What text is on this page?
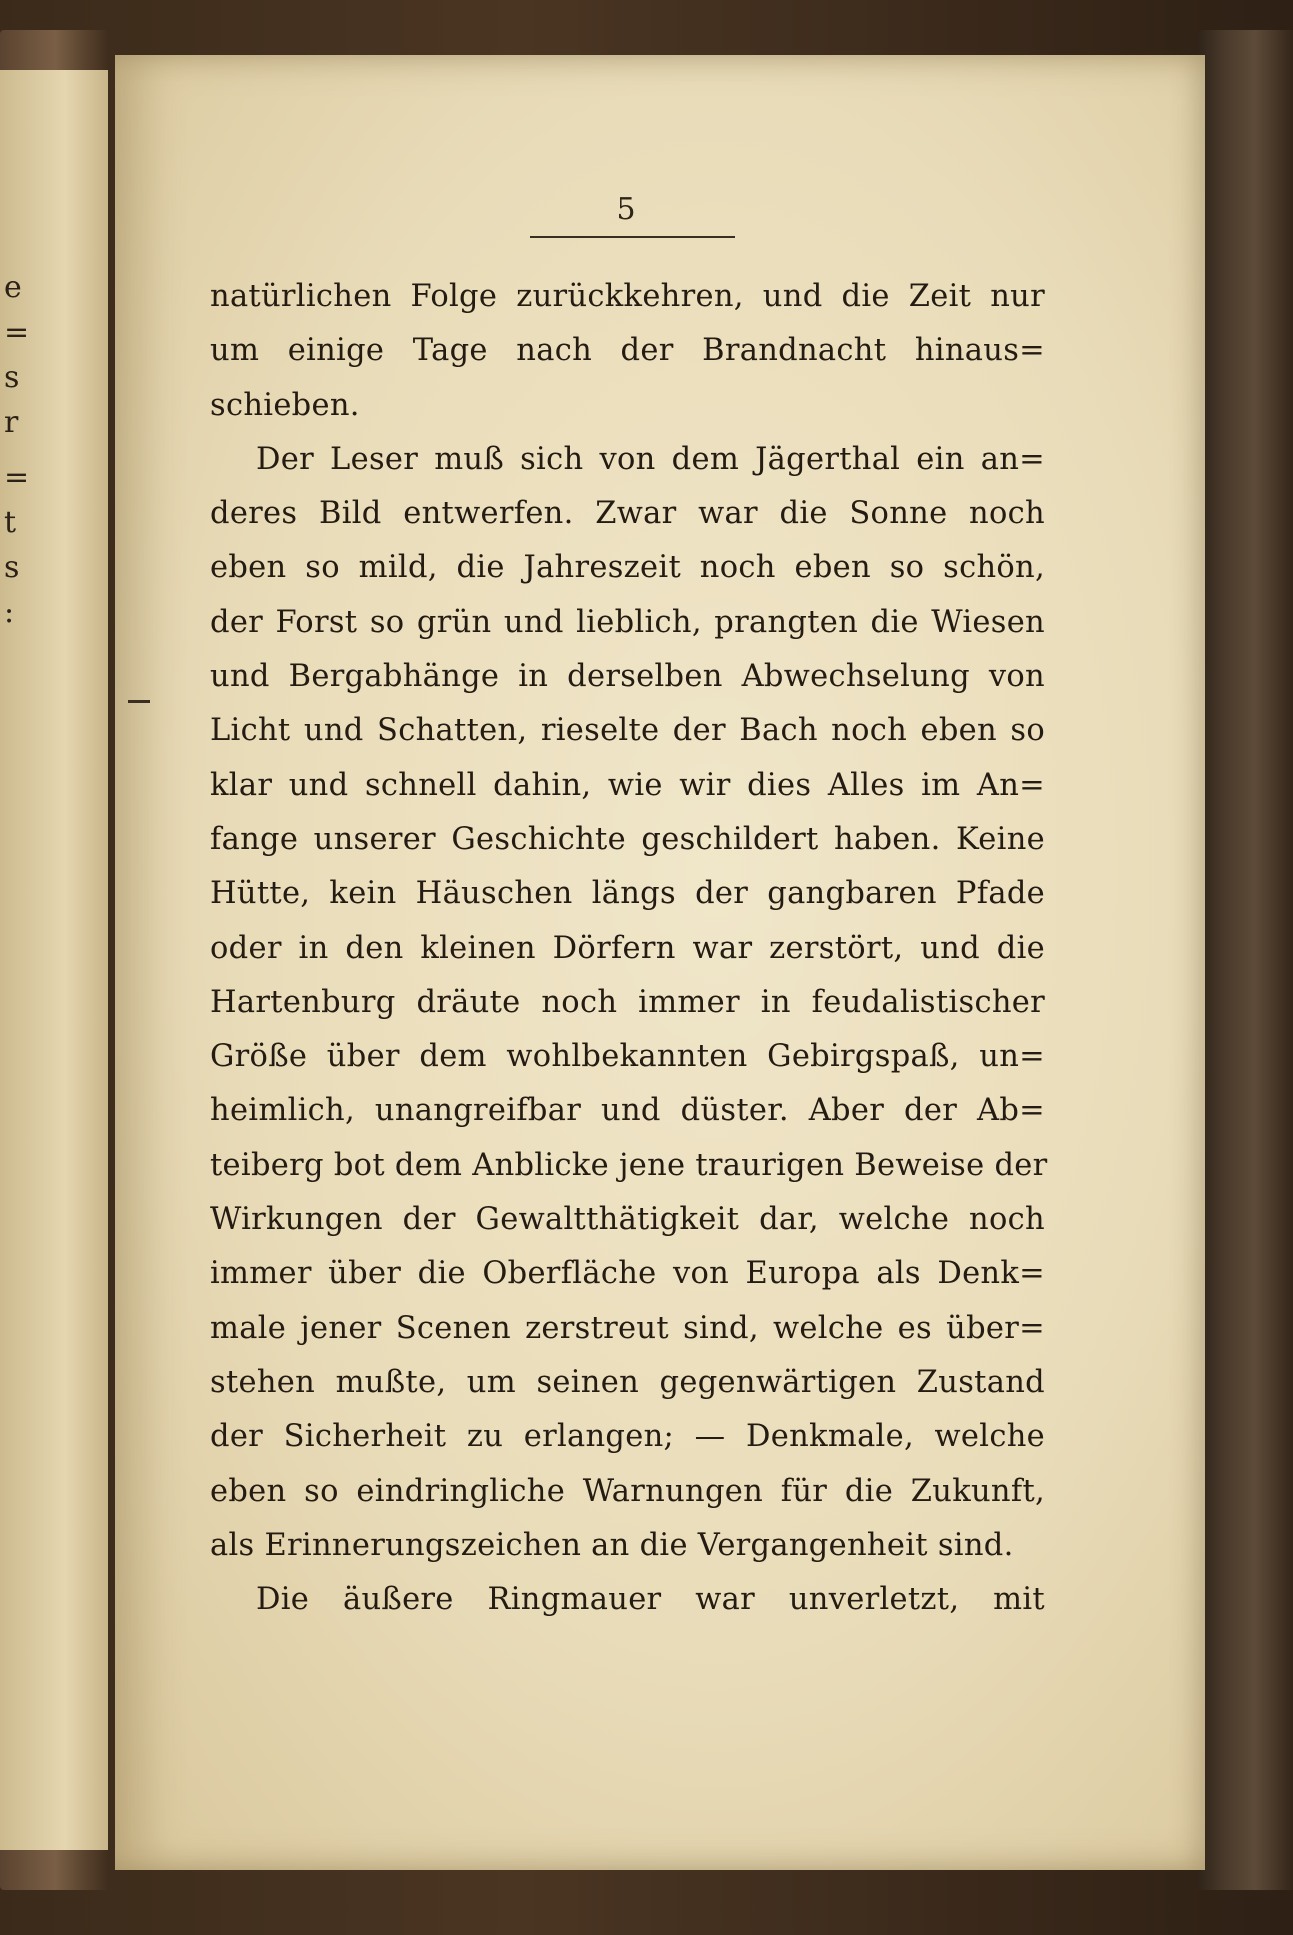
e
=
s
r
=
t
s
:
5
natürlichen Folge zurückkehren, und die Zeit nur
um einige Tage nach der Brandnacht hinaus=
schieben.
Der Leser muß sich von dem Jägerthal ein an=
deres Bild entwerfen. Zwar war die Sonne noch
eben so mild, die Jahreszeit noch eben so schön,
der Forst so grün und lieblich, prangten die Wiesen
und Bergabhänge in derselben Abwechselung von
Licht und Schatten, rieselte der Bach noch eben so
klar und schnell dahin, wie wir dies Alles im An=
fange unserer Geschichte geschildert haben. Keine
Hütte, kein Häuschen längs der gangbaren Pfade
oder in den kleinen Dörfern war zerstört, und die
Hartenburg dräute noch immer in feudalistischer
Größe über dem wohlbekannten Gebirgspaß, un=
heimlich, unangreifbar und düster. Aber der Ab=
teiberg bot dem Anblicke jene traurigen Beweise der
Wirkungen der Gewaltthätigkeit dar, welche noch
immer über die Oberfläche von Europa als Denk=
male jener Scenen zerstreut sind, welche es über=
stehen mußte, um seinen gegenwärtigen Zustand
der Sicherheit zu erlangen; — Denkmale, welche
eben so eindringliche Warnungen für die Zukunft,
als Erinnerungszeichen an die Vergangenheit sind.
Die äußere Ringmauer war unverletzt, mit
